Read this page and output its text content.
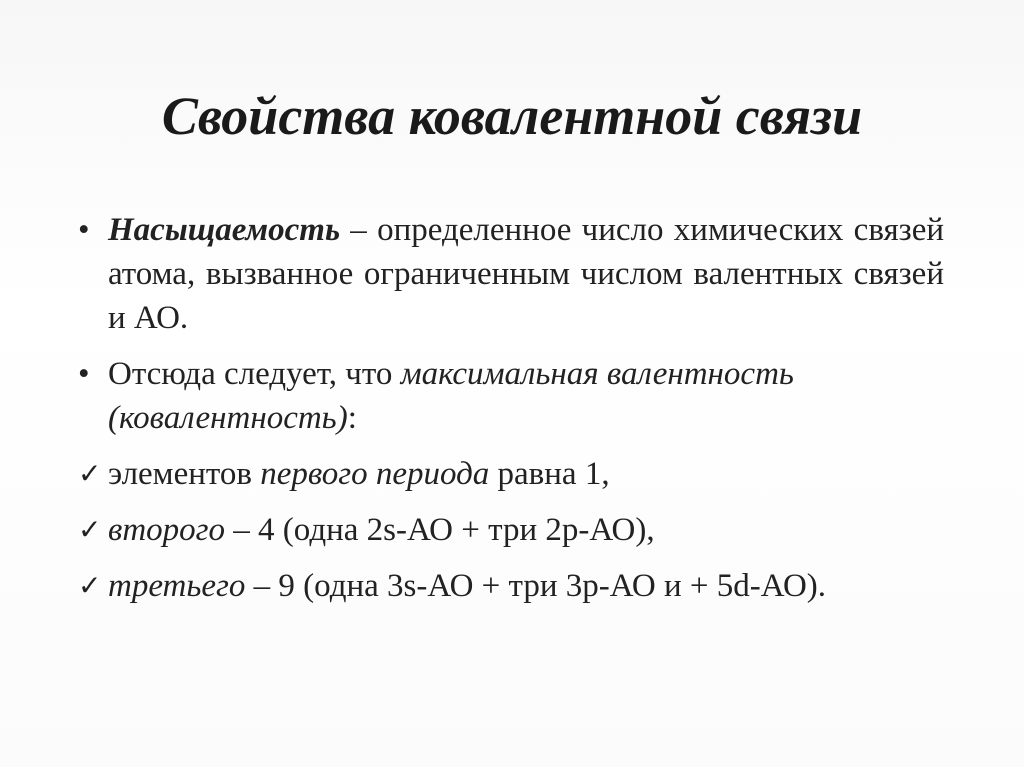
Свойства ковалентной связи
• Насыщаемость – определенное число химических связей атома, вызванное ограниченным числом валентных связей и АО.
• Отсюда следует, что максимальная валентность (ковалентность):
✓ элементов первого периода равна 1,
✓ второго – 4 (одна 2s-АО + три 2p-АО),
✓ третьего – 9 (одна 3s-АО + три 3p-АО и + 5d-АО).
